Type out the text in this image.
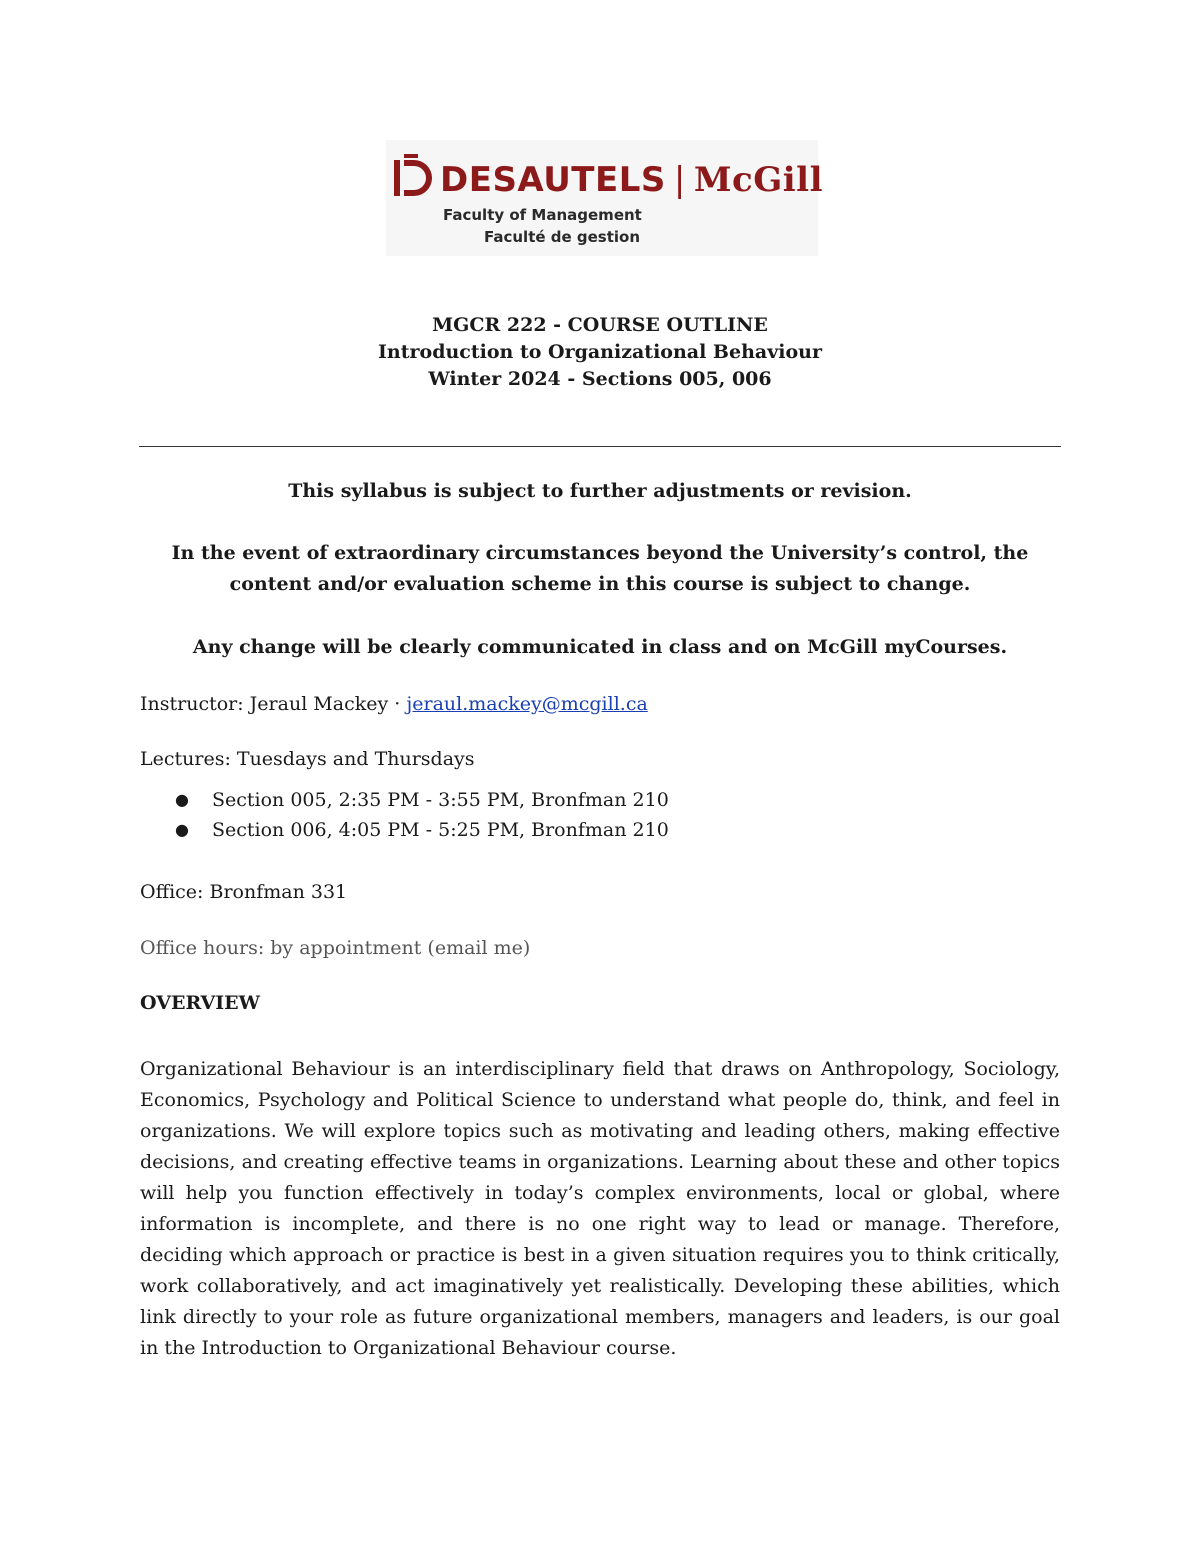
DESAUTELS | McGill
Faculty of Management
Faculté de gestion
MGCR 222 - COURSE OUTLINE
Introduction to Organizational Behaviour
Winter 2024 - Sections 005, 006
This syllabus is subject to further adjustments or revision.
In the event of extraordinary circumstances beyond the University’s control, the content and/or evaluation scheme in this course is subject to change.
Any change will be clearly communicated in class and on McGill myCourses.
Instructor: Jeraul Mackey · jeraul.mackey@mcgill.ca
Lectures: Tuesdays and Thursdays
● Section 005, 2:35 PM - 3:55 PM, Bronfman 210
● Section 006, 4:05 PM - 5:25 PM, Bronfman 210
Office: Bronfman 331
Office hours: by appointment (email me)
OVERVIEW

Organizational Behaviour is an interdisciplinary field that draws on Anthropology, Sociology, Economics, Psychology and Political Science to understand what people do, think, and feel in organizations. We will explore topics such as motivating and leading others, making effective decisions, and creating effective teams in organizations. Learning about these and other topics will help you function effectively in today’s complex environments, local or global, where information is incomplete, and there is no one right way to lead or manage. Therefore, deciding which approach or practice is best in a given situation requires you to think critically, work collaboratively, and act imaginatively yet realistically. Developing these abilities, which link directly to your role as future organizational members, managers and leaders, is our goal in the Introduction to Organizational Behaviour course.
